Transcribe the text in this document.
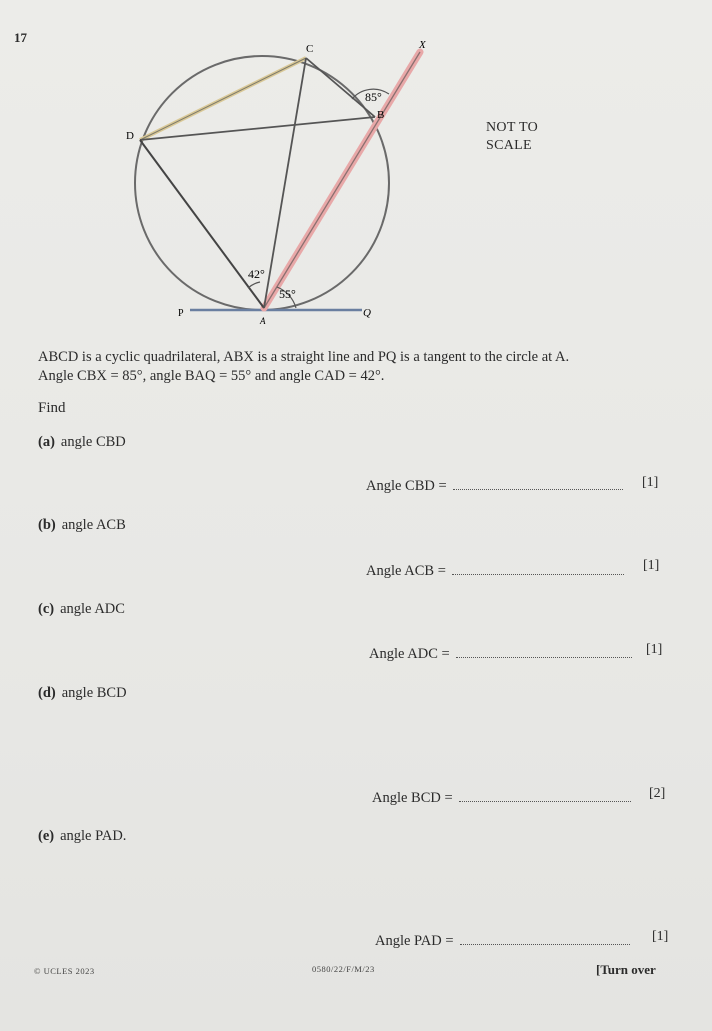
17
C	X
B
D
P
A
Q
85°
42°
55°
NOT TO
SCALE
ABCD is a cyclic quadrilateral, ABX is a straight line and PQ is a tangent to the circle at A.
Angle CBX = 85°, angle BAQ = 55° and angle CAD = 42°.
Find
(a) angle CBD
Angle CBD =	[1]
(b) angle ACB
Angle ACB =	[1]
(c) angle ADC
Angle ADC =	[1]
(d) angle BCD
Angle BCD =	[2]
(e) angle PAD.
Angle PAD =	[1]
© UCLES 2023	0580/22/F/M/23	[Turn over
